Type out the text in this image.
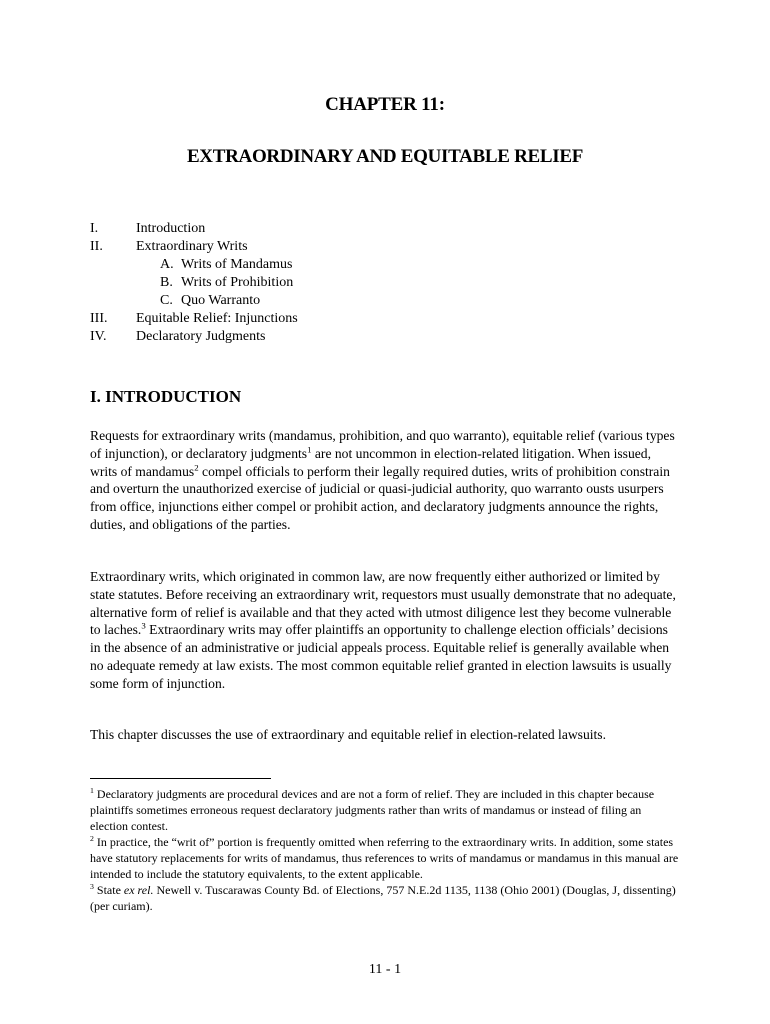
CHAPTER 11:
EXTRAORDINARY AND EQUITABLE RELIEF
I.	Introduction
II. Extraordinary Writs
A. Writs of Mandamus
B. Writs of Prohibition
C. Quo Warranto
III. Equitable Relief: Injunctions
IV. Declaratory Judgments
I. INTRODUCTION
Requests for extraordinary writs (mandamus, prohibition, and quo warranto), equitable relief (various types of injunction), or declaratory judgments$^1$ are not uncommon in election-related litigation. When issued, writs of mandamus$^2$ compel officials to perform their legally required duties, writs of prohibition constrain and overturn the unauthorized exercise of judicial or quasi-judicial authority, quo warranto ousts usurpers from office, injunctions either compel or prohibit action, and declaratory judgments announce the rights, duties, and obligations of the parties.
Extraordinary writs, which originated in common law, are now frequently either authorized or limited by state statutes. Before receiving an extraordinary writ, requestors must usually demonstrate that no adequate, alternative form of relief is available and that they acted with utmost diligence lest they become vulnerable to laches.$^3$ Extraordinary writs may offer plaintiffs an opportunity to challenge election officials’ decisions in the absence of an administrative or judicial appeals process. Equitable relief is generally available when no adequate remedy at law exists. The most common equitable relief granted in election lawsuits is usually some form of injunction.
This chapter discusses the use of extraordinary and equitable relief in election-related lawsuits.

$^1$ Declaratory judgments are procedural devices and are not a form of relief. They are included in this chapter because plaintiffs sometimes erroneous request declaratory judgments rather than writs of mandamus or instead of filing an election contest.

$^2$ In practice, the “writ of” portion is frequently omitted when referring to the extraordinary writs. In addition, some states have statutory replacements for writs of mandamus, thus references to writs of mandamus or mandamus in this manual are intended to include the statutory equivalents, to the extent applicable.

$^3$ State ex rel. Newell v. Tuscarawas County Bd. of Elections, 757 N.E.2d 1135, 1138 (Ohio 2001) (Douglas, J, dissenting) (per curiam).

11 - 1
